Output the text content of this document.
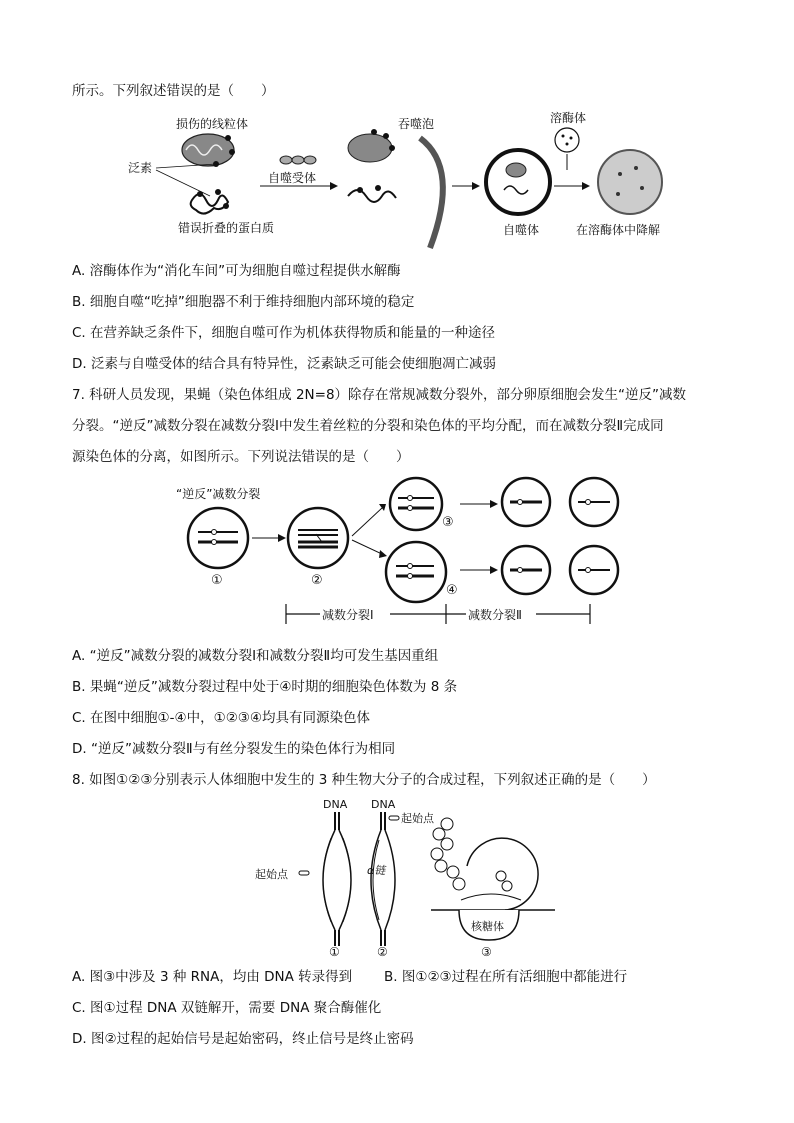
所示。下列叙述错误的是（　　）
损伤的线粒体
泛素
错误折叠的蛋白质
自噬受体
吞噬泡
自噬体
溶酶体
在溶酶体中降解
A. 溶酶体作为“消化车间”可为细胞自噬过程提供水解酶
B. 细胞自噬“吃掉”细胞器不利于维持细胞内部环境的稳定
C. 在营养缺乏条件下，细胞自噬可作为机体获得物质和能量的一种途径
D. 泛素与自噬受体的结合具有特异性，泛素缺乏可能会使细胞凋亡减弱
7. 科研人员发现，果蝇（染色体组成 2N=8）除存在常规减数分裂外，部分卵原细胞会发生“逆反”减数
分裂。“逆反”减数分裂在减数分裂Ⅰ中发生着丝粒的分裂和染色体的平均分配，而在减数分裂Ⅱ完成同
源染色体的分离，如图所示。下列说法错误的是（　　）
“逆反”减数分裂
①	②
③
④
减数分裂Ⅰ	减数分裂Ⅱ
A. “逆反”减数分裂的减数分裂Ⅰ和减数分裂Ⅱ均可发生基因重组
B. 果蝇“逆反”减数分裂过程中处于④时期的细胞染色体数为 8 条
C. 在图中细胞①-④中，①②③④均具有同源染色体
D. “逆反”减数分裂Ⅱ与有丝分裂发生的染色体行为相同
8. 如图①②③分别表示人体细胞中发生的 3 种生物大分子的合成过程，下列叙述正确的是（　　）
DNA
起始点
①
DNA
起始点
α链
②
核糖体
③
A. 图③中涉及 3 种 RNA，均由 DNA 转录得到 B. 图①②③过程在所有活细胞中都能进行
C. 图①过程 DNA 双链解开，需要 DNA 聚合酶催化
D. 图②过程的起始信号是起始密码，终止信号是终止密码
